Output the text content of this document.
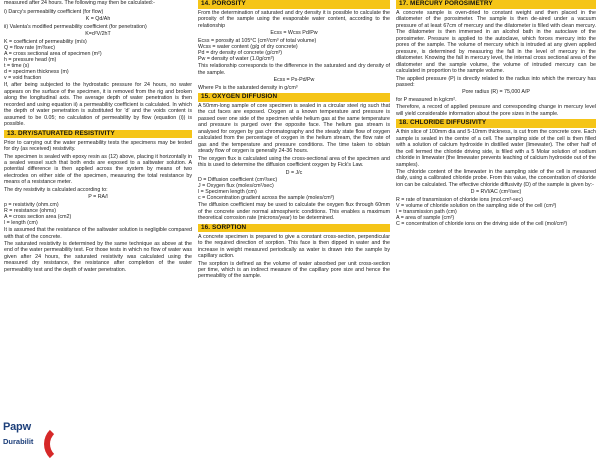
measured after 24 hours. The following may then be calculated:-

i) Darcy's permeability coefficient (for flow)

K = Qd/Ah

ii) Valenta's modified permeability coefficient (for penetration)

K=d²V/2hT

K = coefficient of permeability (m/s)
Q = flow rate (m³/sec)
A = cross sectional area of specimen (m²)
h = pressure head (m)
t = time (s)
d = specimen thickness (m)
v = void fraction

If, after being subjected to the hydrostatic pressure for 24 hours, no water appears on the surface of the specimen, it is removed from the rig and broken along the longitudinal axis. The average depth of water penetration is then recorded and using equation ii) a permeability coefficient is calculated. In which the depth of water penetration is substituted for 'd' and the voids content is assumed to be 0.05; no calculation of permeability by flow (equation (i)) is possible.

13. DRY/SATURATED RESISTIVITY

Prior to carrying out the water permeability tests the specimens may be tested for dry (as received) resistivity.

The specimen is sealed with epoxy resin as (12) above, placing it horizontally in a sealed vessel such that both ends are exposed to a saltwater solution. A potential difference is then applied across the system by means of two electrodes on either side of the specimen, measuring the total resistance by means of a resistance meter.

The dry resistivity is calculated according to:

P = RA/l

p = resistivity (ohm.cm)
R = resistance (ohms)
A = cross section area (cm2)
l = length (cm)

It is assumed that the resistance of the saltwater solution is negligible compared with that of the concrete.

The saturated resistivity is determined by the same technique as above at the end of the water permeability test. For those tests in which no flow of water was given after 24 hours, the saturated resistivity was calculated using the measured dry resistance, the resistance after completion of the water permeability test and the depth of water penetration.

14. POROSITY

From the determination of saturated and dry density it is possible to calculate the porosity of the sample using the evaporable water content, according to the relationship

Ecss = Wcss Pd/Pw

Ecss = porosity at 105°C (cm³/cm³ of total volume)
Wcss = water content (g/g of dry concrete)
Pd = dry density of concrete (g/cm³)
Pw = density of water (1.0g/cm³)

This relationship corresponds to the difference in the saturated and dry density of the sample.

Ecss = Ps-Pd/Pw

Where Ps is the saturated density in g/cm³

15. OXYGEN DIFFUSION

A 50mm-long sample of core specimen is sealed in a circular steel rig such that the cut faces are exposed. Oxygen at a known temperature and pressure is passed over one side of the specimen while helium gas at the same temperature and pressure is purged over the opposite face. The helium gas stream is analysed for oxygen by gas chromatography and the steady state flow of oxygen calculated from the percentage of oxygen in the helium stream, the flow rate of gas and the temperature and pressure conditions. The time taken to obtain steady flow of oxygen is generally 24-36 hours.

The oxygen flux is calculated using the cross-sectional area of the specimen and this is used to determine the diffusion coefficient oxygen by Fick's Law.

D = J/c

D = Diffusion coefficient (cm²/sec)
J = Oxygen flux (moles/cm²/sec)
l = Specimen length (cm)
c = Concentration gradient across the sample (moles/cm³)

The diffusion coefficient may be used to calculate the oxygen flux through 60mm of the concrete under normal atmospheric conditions. This enables a maximum theoretical corrosion rate (microns/year) to be determined.

16. SORPTION

A concrete specimen is prepared to give a constant cross-section, perpendicular to the required direction of sorption. This face is then dipped in water and the increase in weight measured periodically as water is drawn into the sample by capillary action.

The sorption is defined as the volume of water absorbed per unit cross-section per time, which is an indirect measure of the capillary pore size and hence the permeability of the sample.

17. MERCURY POROSIMETRY

A concrete sample is oven-dried to constant weight and then placed in the dilatometer of the porosimeter. The sample is then de-aired under a vacuum pressure of at least 67cm of mercury and the dilatometer is filled with clean mercury. The dilatometer is then immersed in an alcohol bath in the autoclave of the porosimeter. Pressure is applied to the autoclave, which forces mercury into the pores of the sample. The volume of mercury which is intruded at any given applied pressure, is determined by measuring the fall in the level of mercury in the dilatometer. Knowing the fall in mercury level, the internal cross sectional area of the dilatometer and the sample volume, the volume of intruded mercury can be calculated in proportion to the sample volume.

The applied pressure (P) is directly related to the radius into which the mercury has passed:

Pore radius (R) = 75,000 A/P

for P measured in kg/cm².

Therefore, a record of applied pressure and corresponding change in mercury level will yield considerable information about the pore sizes in the sample.

18. CHLORIDE DIFFUSIVITY

A thin slice of 100mm dia and 5-10mm thickness, is cut from the concrete core. Each sample is sealed in the centre of a cell. The sampling side of the cell is then filled with a solution of calcium hydroxide in distilled water (limewater). The other half of the cell termed the chloride driving side, is filled with a 5 Molar solution of sodium chloride in limewater (the limewater prevents leaching of calcium hydroxide out of the samples).

The chloride content of the limewater in the sampling side of the cell is measured daily, using a calibrated chloride probe. From this value, the concentration of chloride ion can be calculated. The effective chloride diffusivity (D) of the sample is given by:-

D = RVl/AC (cm²/sec)

R = rate of transmission of chloride ions (mol.cm³-sec)
V = volume of chloride solution on the sampling side of the cell (cm³)
l = transmission path (cm)
A = area of sample (cm²)
C = concentration of chloride ions on the driving side of the cell (mol/cm³)
Papw
Durabilit
